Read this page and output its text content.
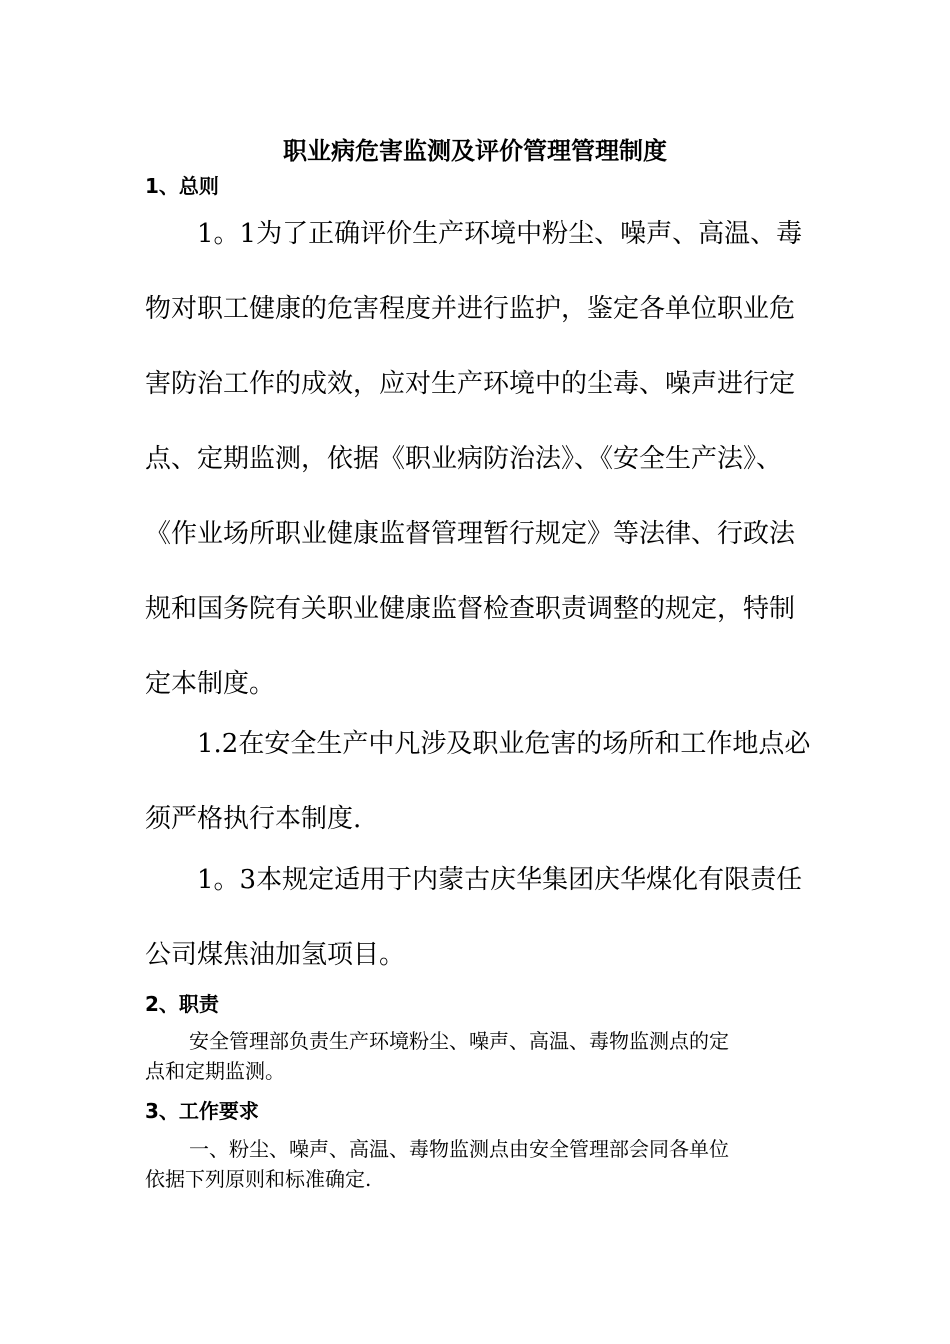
职业病危害监测及评价管理管理制度
1、总则
1。1为了正确评价生产环境中粉尘、噪声、高温、毒
物对职工健康的危害程度并进行监护，鉴定各单位职业危
害防治工作的成效，应对生产环境中的尘毒、噪声进行定
点、定期监测，依据《职业病防治法》、《安全生产法》、
《作业场所职业健康监督管理暂行规定》等法律、行政法
规和国务院有关职业健康监督检查职责调整的规定，特制
定本制度。
1.2在安全生产中凡涉及职业危害的场所和工作地点必
须严格执行本制度.
1。3本规定适用于内蒙古庆华集团庆华煤化有限责任
公司煤焦油加氢项目。
2、职责
安全管理部负责生产环境粉尘、噪声、高温、毒物监测点的定
点和定期监测。
3、工作要求
一、粉尘、噪声、高温、毒物监测点由安全管理部会同各单位
依据下列原则和标准确定.
